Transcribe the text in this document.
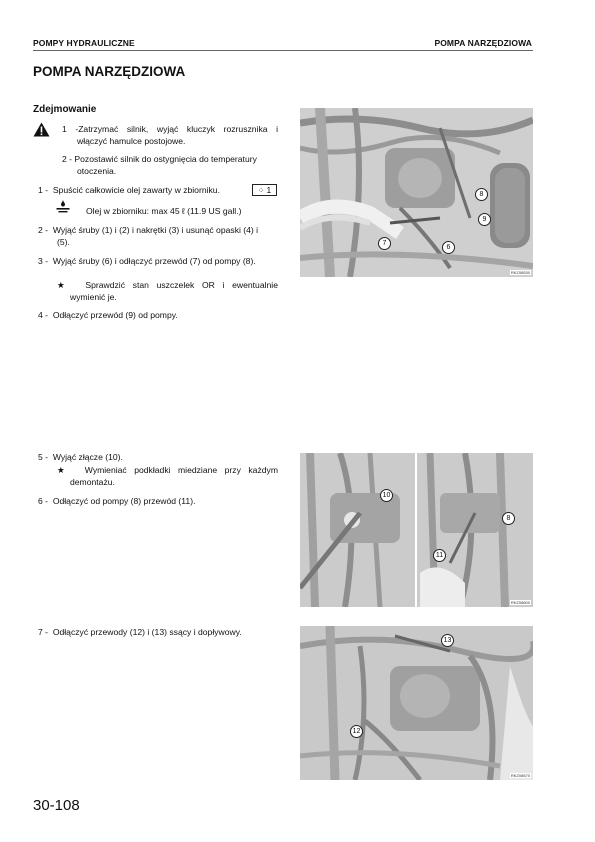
POMPY HYDRAULICZNE	POMPA NARZĘDZIOWA
POMPA NARZĘDZIOWA
Zdejmowanie
1 -Zatrzymać silnik, wyjąć kluczyk rozrusznika i
włączyć hamulce postojowe.
2 - Pozostawić silnik do ostygnięcia do temperatury
otoczenia.
1 - Spuścić całkowicie olej zawarty w zbiorniku.	⁘ 1
Olej w zbiorniku: max 45 ℓ (11.9 US gall.)
2 - Wyjąć śruby (1) i (2) i nakrętki (3) i usunąć opaski (4) i
(5).
3 - Wyjąć śruby (6) i odłączyć przewód (7) od pompy (8).
★ Sprawdzić stan uszczelek OR i ewentualnie
wymienić je.
4 - Odłączyć przewód (9) od pompy.
5 - Wyjąć złącze (10).
★ Wymieniać podkładki miedziane przy każdym
demontażu.
6 - Odłączyć od pompy (8) przewód (11).
7 - Odłączyć przewody (12) i (13) ssący i dopływowy.
8
9
7
6
RKZ08530
10
8
11
RKZ08600
13
12
RKZ08670
30-108
